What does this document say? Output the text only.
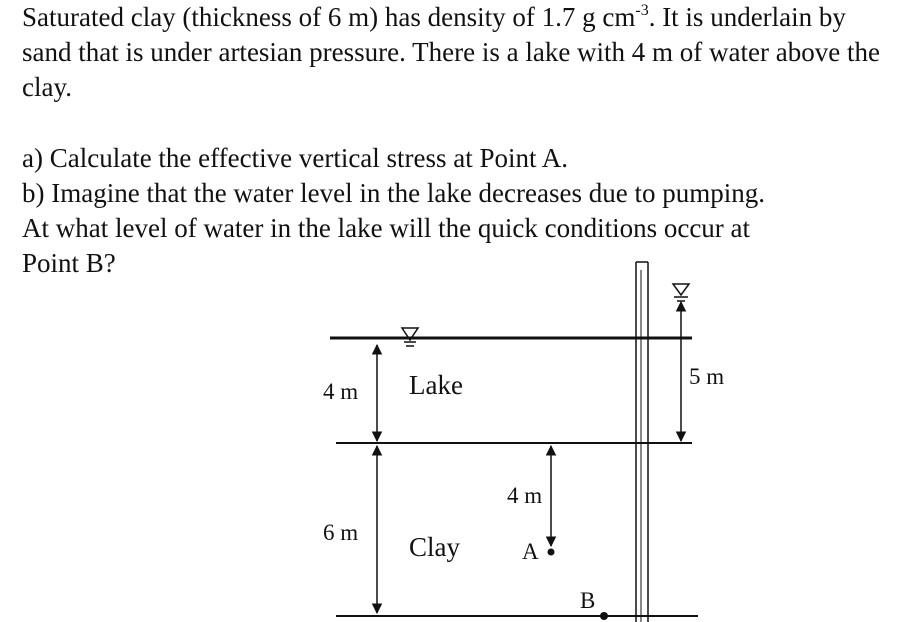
Saturated clay (thickness of 6 m) has density of 1.7 g $cm^{-3}$. It is underlain by sand that is under artesian pressure. There is a lake with 4 m of water above the clay.

a) Calculate the effective vertical stress at Point A.

b) Imagine that the water level in the lake decreases due to pumping. At what level of water in the lake will the quick conditions occur at Point B?

4 m Lake
6 m Clay
4 m
A
B
5 m
